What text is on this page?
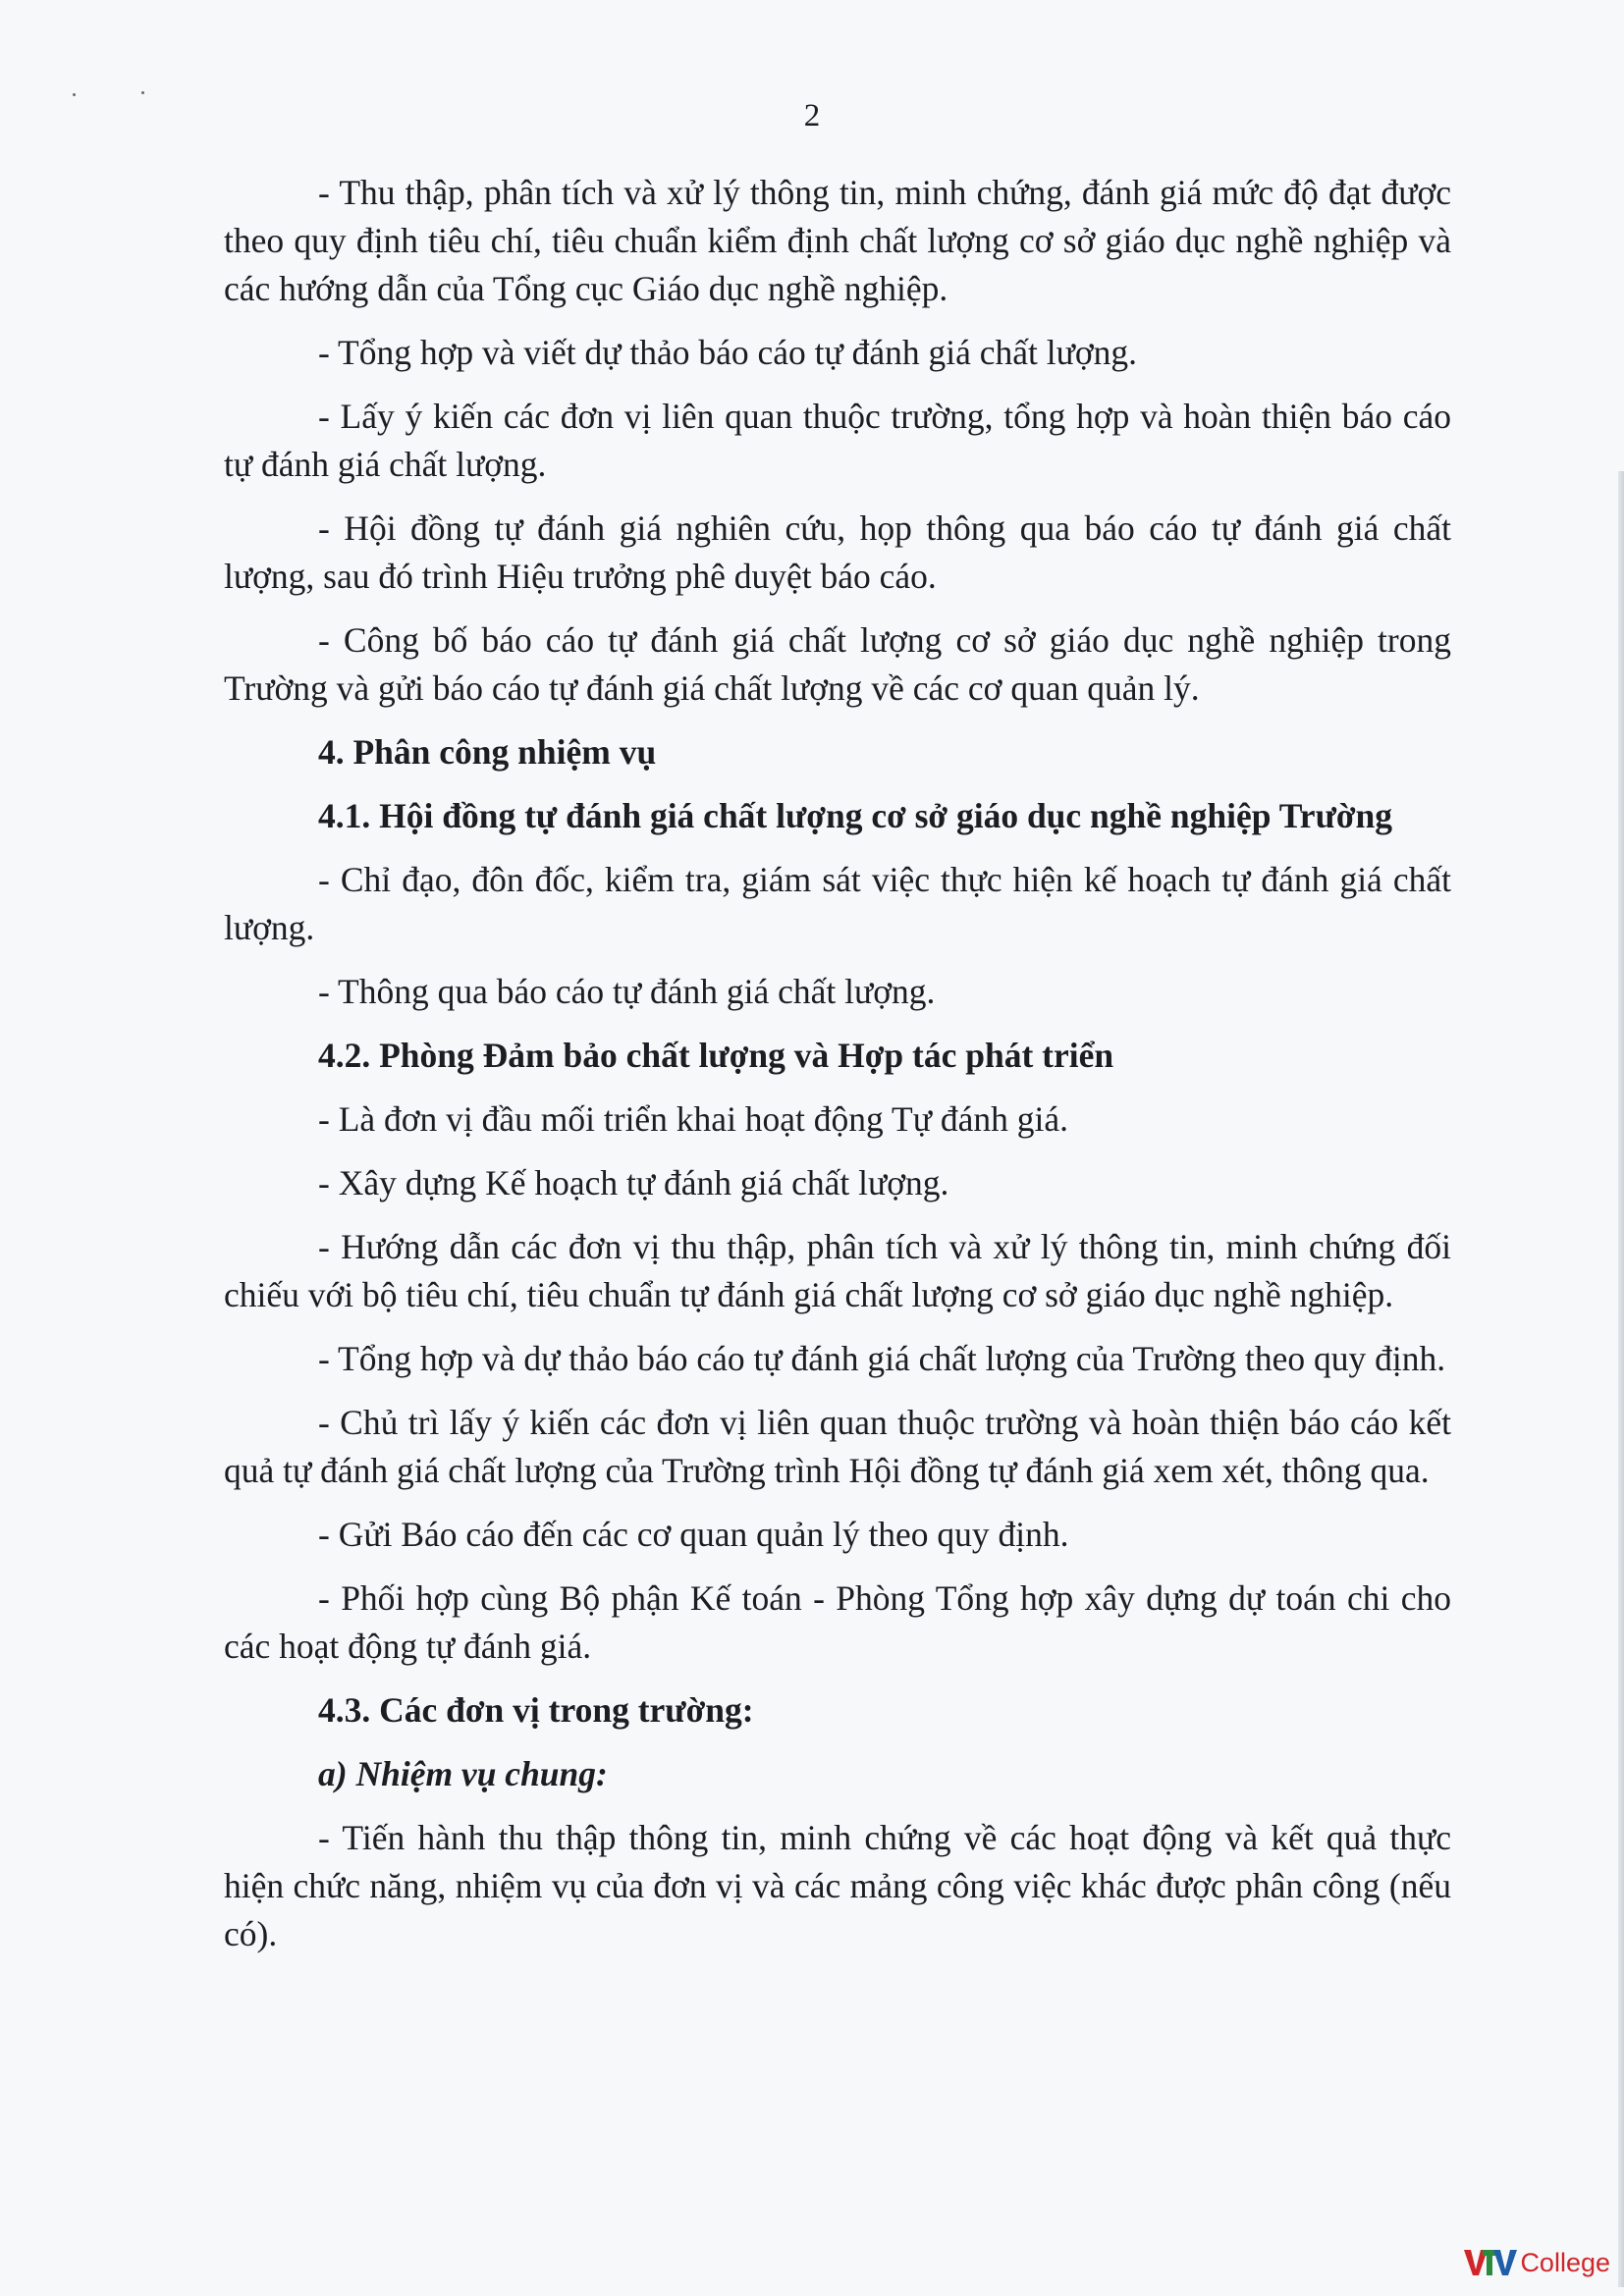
2

- Thu thập, phân tích và xử lý thông tin, minh chứng, đánh giá mức độ đạt được theo quy định tiêu chí, tiêu chuẩn kiểm định chất lượng cơ sở giáo dục nghề nghiệp và các hướng dẫn của Tổng cục Giáo dục nghề nghiệp.

- Tổng hợp và viết dự thảo báo cáo tự đánh giá chất lượng.

- Lấy ý kiến các đơn vị liên quan thuộc trường, tổng hợp và hoàn thiện báo cáo tự đánh giá chất lượng.

- Hội đồng tự đánh giá nghiên cứu, họp thông qua báo cáo tự đánh giá chất lượng, sau đó trình Hiệu trưởng phê duyệt báo cáo.

- Công bố báo cáo tự đánh giá chất lượng cơ sở giáo dục nghề nghiệp trong Trường và gửi báo cáo tự đánh giá chất lượng về các cơ quan quản lý.

4. Phân công nhiệm vụ

4.1. Hội đồng tự đánh giá chất lượng cơ sở giáo dục nghề nghiệp Trường

- Chỉ đạo, đôn đốc, kiểm tra, giám sát việc thực hiện kế hoạch tự đánh giá chất lượng.

- Thông qua báo cáo tự đánh giá chất lượng.

4.2. Phòng Đảm bảo chất lượng và Hợp tác phát triển

- Là đơn vị đầu mối triển khai hoạt động Tự đánh giá.

- Xây dựng Kế hoạch tự đánh giá chất lượng.

- Hướng dẫn các đơn vị thu thập, phân tích và xử lý thông tin, minh chứng đối chiếu với bộ tiêu chí, tiêu chuẩn tự đánh giá chất lượng cơ sở giáo dục nghề nghiệp.

- Tổng hợp và dự thảo báo cáo tự đánh giá chất lượng của Trường theo quy định.

- Chủ trì lấy ý kiến các đơn vị liên quan thuộc trường và hoàn thiện báo cáo kết quả tự đánh giá chất lượng của Trường trình Hội đồng tự đánh giá xem xét, thông qua.

- Gửi Báo cáo đến các cơ quan quản lý theo quy định.

- Phối hợp cùng Bộ phận Kế toán - Phòng Tổng hợp xây dựng dự toán chi cho các hoạt động tự đánh giá.

4.3. Các đơn vị trong trường:

a) Nhiệm vụ chung:

- Tiến hành thu thập thông tin, minh chứng về các hoạt động và kết quả thực hiện chức năng, nhiệm vụ của đơn vị và các mảng công việc khác được phân công (nếu có).

College
